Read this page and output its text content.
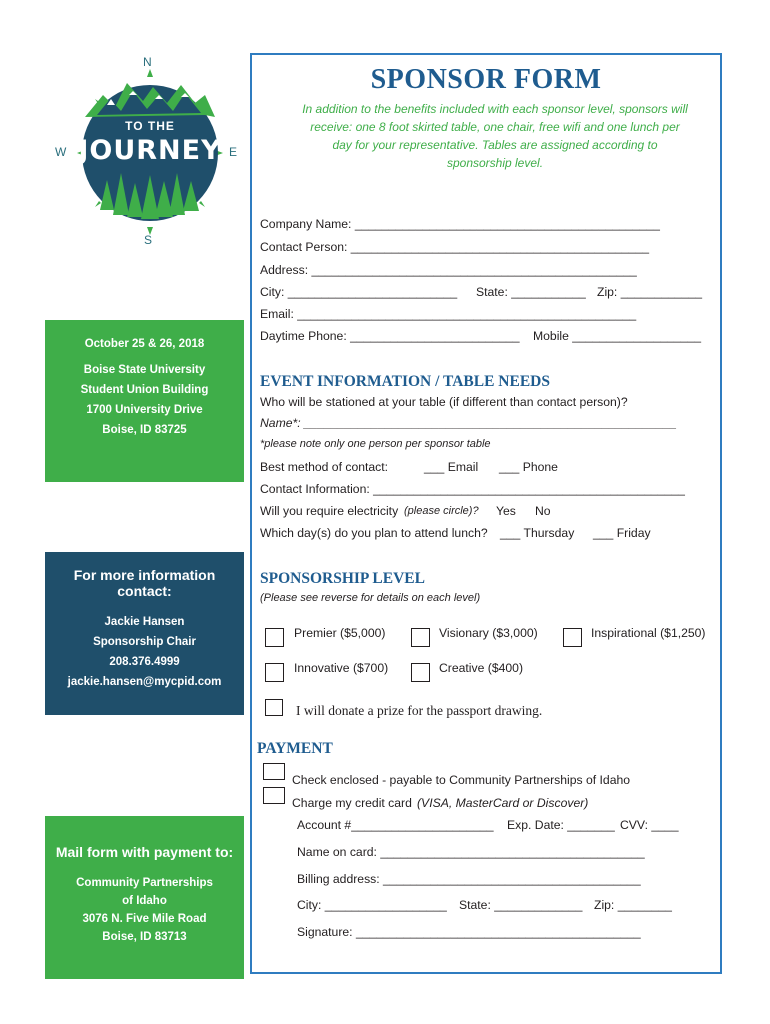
N
S
W	E
TO THE
JOURNEY
October 25 & 26, 2018
Boise State University
Student Union Building
1700 University Drive
Boise, ID 83725
For more information
contact:
Jackie Hansen
Sponsorship Chair
208.376.4999
jackie.hansen@mycpid.com
Mail form with payment to:
Community Partnerships
of Idaho
3076 N. Five Mile Road
Boise, ID 83713
SPONSOR FORM
In addition to the benefits included with each sponsor level, sponsors will receive: one 8 foot skirted table, one chair, free wifi and one lunch per day for your representative. Tables are assigned according to sponsorship level.
Company Name: _____________________________________________
Contact Person: ____________________________________________
Address: ________________________________________________
City: _________________________ State: ___________ Zip: ____________
Email: __________________________________________________
Daytime Phone: _________________________ Mobile ___________________
EVENT INFORMATION / TABLE NEEDS
Who will be stationed at your table (if different than contact person)?
Name*: _______________________________________________________
*please note only one person per sponsor table
Best method of contact:	___ Email ___ Phone
Contact Information: ______________________________________________
Will you require electricity (please circle)? Yes No
Which day(s) do you plan to attend lunch? ___ Thursday ___ Friday
SPONSORSHIP LEVEL
(Please see reverse for details on each level)
Premier ($5,000)	Visionary ($3,000)	Inspirational ($1,250)
Innovative ($700)	Creative ($400)
I will donate a prize for the passport drawing.
PAYMENT
Check enclosed - payable to Community Partnerships of Idaho
Charge my credit card (VISA, MasterCard or Discover)
Account #_____________________ Exp. Date: _______ CVV: ____
Name on card: _______________________________________
Billing address: ______________________________________
City: __________________ State: _____________ Zip: ________
Signature: __________________________________________
